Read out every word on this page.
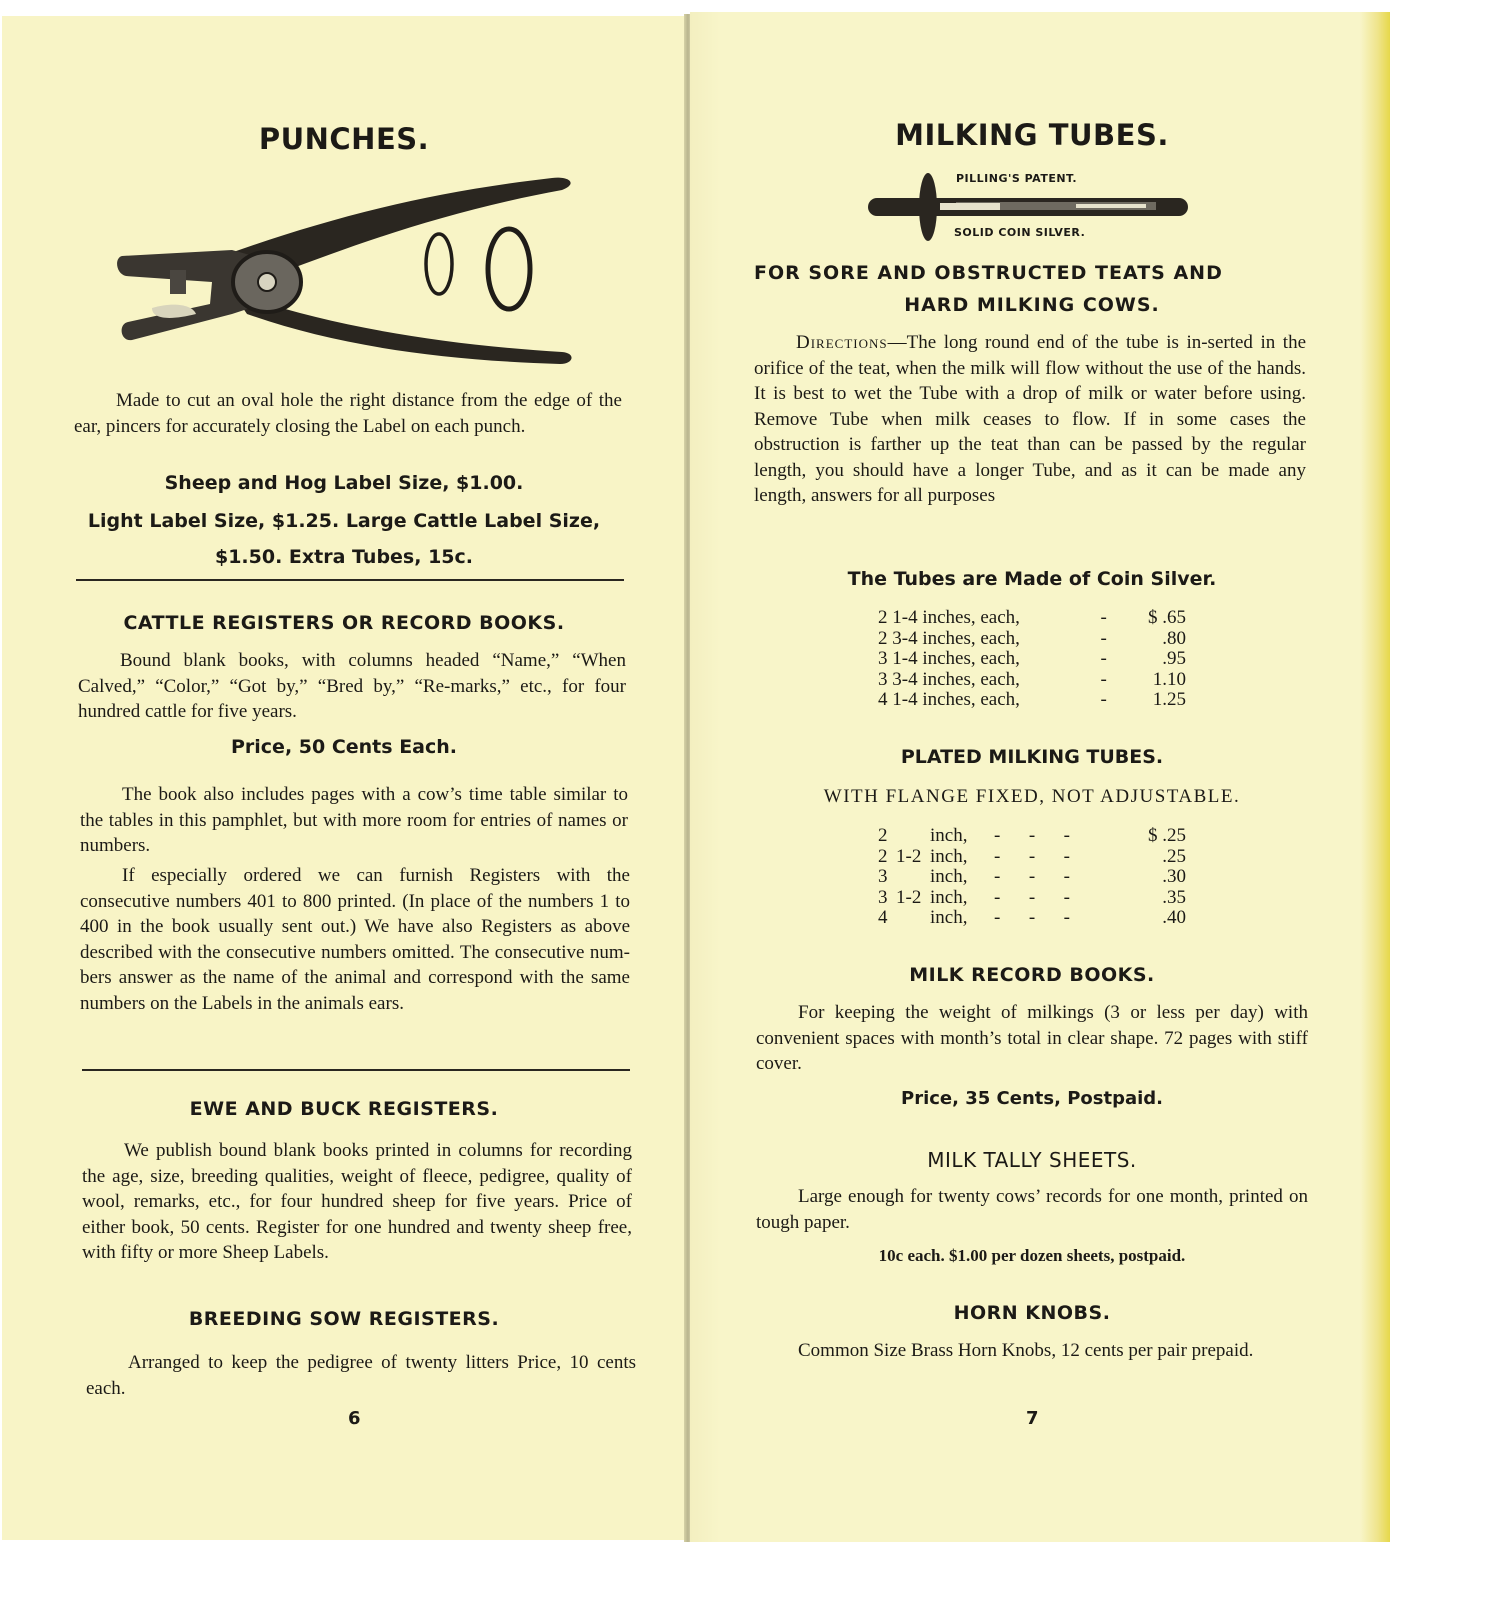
PUNCHES.
Made to cut an oval hole the right distance from the edge of the ear, pincers for accurately closing the Label on each punch.
Sheep and Hog Label Size, $1.00.
Light Label Size, $1.25. Large Cattle Label Size,
$1.50. Extra Tubes, 15c.
CATTLE REGISTERS OR RECORD BOOKS.
Bound blank books, with columns headed “Name,” “When Calved,” “Color,” “Got by,” “Bred by,” “Re-marks,” etc., for four hundred cattle for five years.
Price, 50 Cents Each.
The book also includes pages with a cow’s time table similar to the tables in this pamphlet, but with more room for entries of names or numbers.
If especially ordered we can furnish Registers with the consecutive numbers 401 to 800 printed. (In place of the numbers 1 to 400 in the book usually sent out.) We have also Registers as above described with the consecutive numbers omitted. The consecutive num-bers answer as the name of the animal and correspond with the same numbers on the Labels in the animals ears.
EWE AND BUCK REGISTERS.
We publish bound blank books printed in columns for recording the age, size, breeding qualities, weight of fleece, pedigree, quality of wool, remarks, etc., for four hundred sheep for five years. Price of either book, 50 cents. Register for one hundred and twenty sheep free, with fifty or more Sheep Labels.
BREEDING SOW REGISTERS.
Arranged to keep the pedigree of twenty litters Price, 10 cents each.
6
MILKING TUBES.
PILLING'S PATENT.
SOLID COIN SILVER.
FOR SORE AND OBSTRUCTED TEATS AND
HARD MILKING COWS.
Directions—The long round end of the tube is in-serted in the orifice of the teat, when the milk will flow without the use of the hands. It is best to wet the Tube with a drop of milk or water before using. Remove Tube when milk ceases to flow. If in some cases the obstruction is farther up the teat than can be passed by the regular length, you should have a longer Tube, and as it can be made any length, answers for all purposes
The Tubes are Made of Coin Silver.
2 1-4 inches, each,	-	$ .65
2 3-4 inches, each,	-	.80
3 1-4 inches, each,	-	.95
3 3-4 inches, each,	-	1.10
4 1-4 inches, each,	-	1.25
PLATED MILKING TUBES.
WITH FLANGE FIXED, NOT ADJUSTABLE.
2		inch,	-      -      -	$ .25
2	1-2	inch,	-      -      -	.25
3		inch,	-      -      -	.30
3	1-2	inch,	-      -      -	.35
4		inch,	-      -      -	.40
MILK RECORD BOOKS.
For keeping the weight of milkings (3 or less per day) with convenient spaces with month’s total in clear shape. 72 pages with stiff cover.
Price, 35 Cents, Postpaid.
MILK TALLY SHEETS.
Large enough for twenty cows’ records for one month, printed on tough paper.
10c each. $1.00 per dozen sheets, postpaid.
HORN KNOBS.
Common Size Brass Horn Knobs, 12 cents per pair prepaid.
7
